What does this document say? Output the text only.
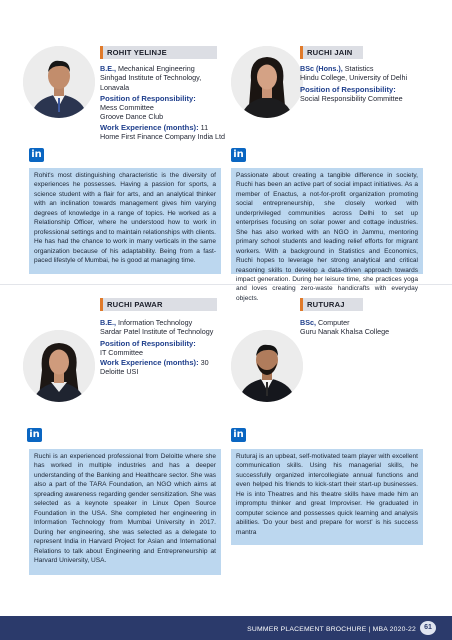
ROHIT YELINJE
B.E., Mechanical Engineering
Sinhgad Institute of Technology,
Lonavala
Position of Responsibility:
Mess Committee
Groove Dance Club
Work Experience (months): 11
Home First Finance Company India Ltd
in
Rohit's most distinguishing characteristic is the diversity of experiences he possesses. Having a passion for sports, a science student with a flair for arts, and an analytical thinker with an inclination towards management gives him varying degrees of knowledge in a range of topics. He worked as a Relationship Officer, where he understood how to work in professional settings and to maintain relationships with clients. He has had the chance to work in many verticals in the same organization because of his adaptability. Being from a fast-paced lifestyle of Mumbai, he is good at managing time.
RUCHI JAIN
BSc (Hons.), Statistics
Hindu College, University of Delhi
Position of Responsibility:
Social Responsibility Committee
in
Passionate about creating a tangible difference in society, Ruchi has been an active part of social impact initiatives. As a member of Enactus, a not-for-profit organization promoting social entrepreneurship, she closely worked with underprivileged communities across Delhi to set up enterprises focusing on solar power and cottage industries. She has also worked with an NGO in Jammu, mentoring primary school students and leading relief efforts for migrant workers. With a background in Statistics and Economics, Ruchi hopes to leverage her strong analytical and critical reasoning skills to develop a data-driven approach towards impact generation. During her leisure time, she practices yoga and loves creating zero-waste handicrafts with everyday objects.
RUCHI PAWAR
B.E., Information Technology
Sardar Patel Institute of Technology
Position of Responsibility:
IT Committee
Work Experience (months): 30
Deloitte USI
in
Ruchi is an experienced professional from Deloitte where she has worked in multiple industries and has a deeper understanding of the Banking and Healthcare sector. She was also a part of the TARA Foundation, an NGO which aims at spreading awareness regarding gender sensitization. She was selected as a keynote speaker in Linux Open Source Foundation in the USA. She completed her engineering in Information Technology from Mumbai University in 2017. During her engineering, she was selected as a delegate to represent India in Harvard Project for Asian and International Relations to talk about Engineering and Entrepreneurship at Harvard University, USA.
RUTURAJ
BSc, Computer
Guru Nanak Khalsa College
in
Ruturaj is an upbeat, self-motivated team player with excellent communication skills. Using his managerial skills, he successfully organized intercollegiate annual functions and even helped his friends to kick-start their start-up businesses. He is into Theatres and his theatre skills have made him an impromptu thinker and great Improviser. He graduated in computer science and possesses quick learning and analysis abilities. 'Do your best and prepare for worst' is his success mantra
SUMMER PLACEMENT BROCHURE | MBA 2020-22	61
